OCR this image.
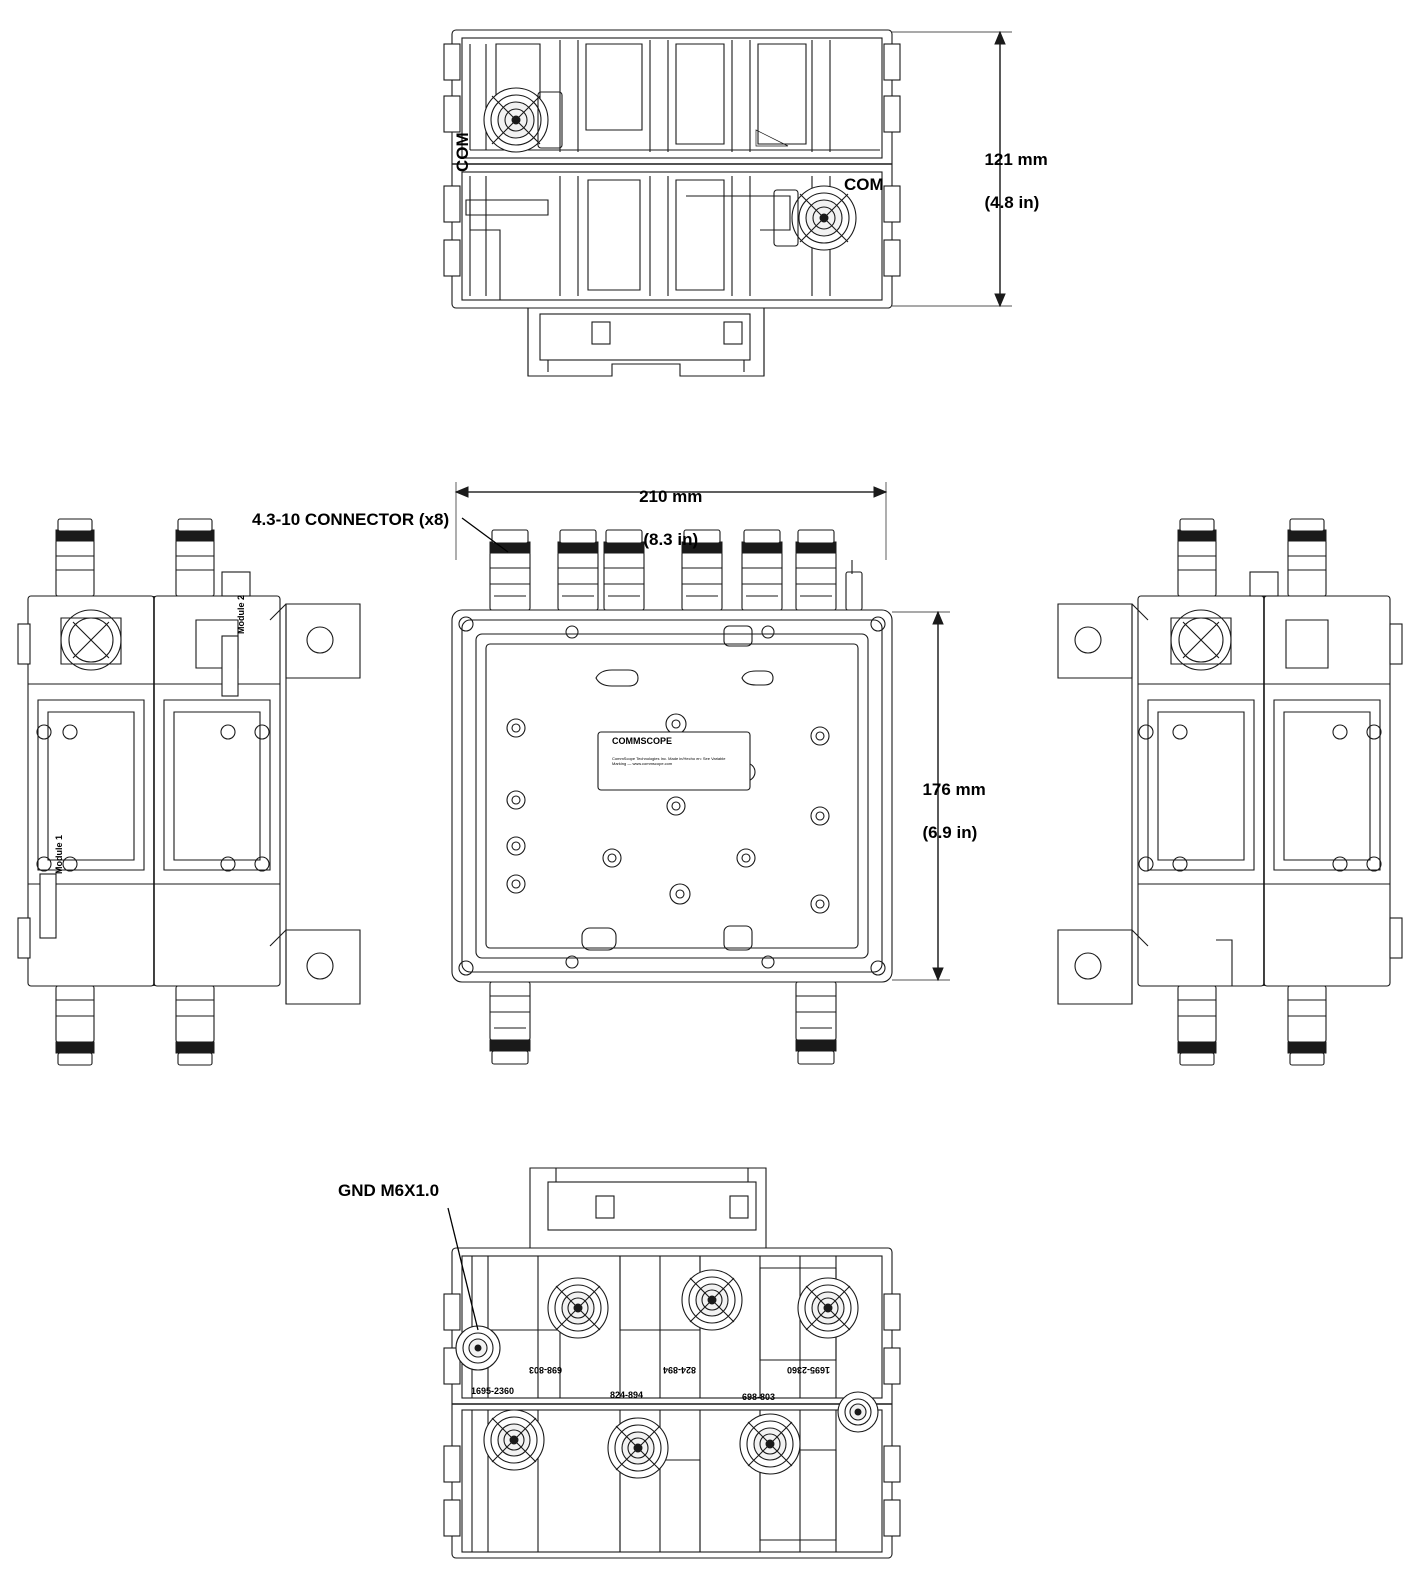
121 mm

(4.8 in)

210 mm

(8.3 in)

176 mm

(6.9 in)

4.3-10 CONNECTOR (x8)
GND M6X1.0
COM
COM
Module 2
Module 1
COMMSCOPE
CommScope Technologies Inc. Made in/Hecho en: See Variable Marking — www.commscope.com
698-803	824-894	1695-2360
1695-2360	824-894	698-803
